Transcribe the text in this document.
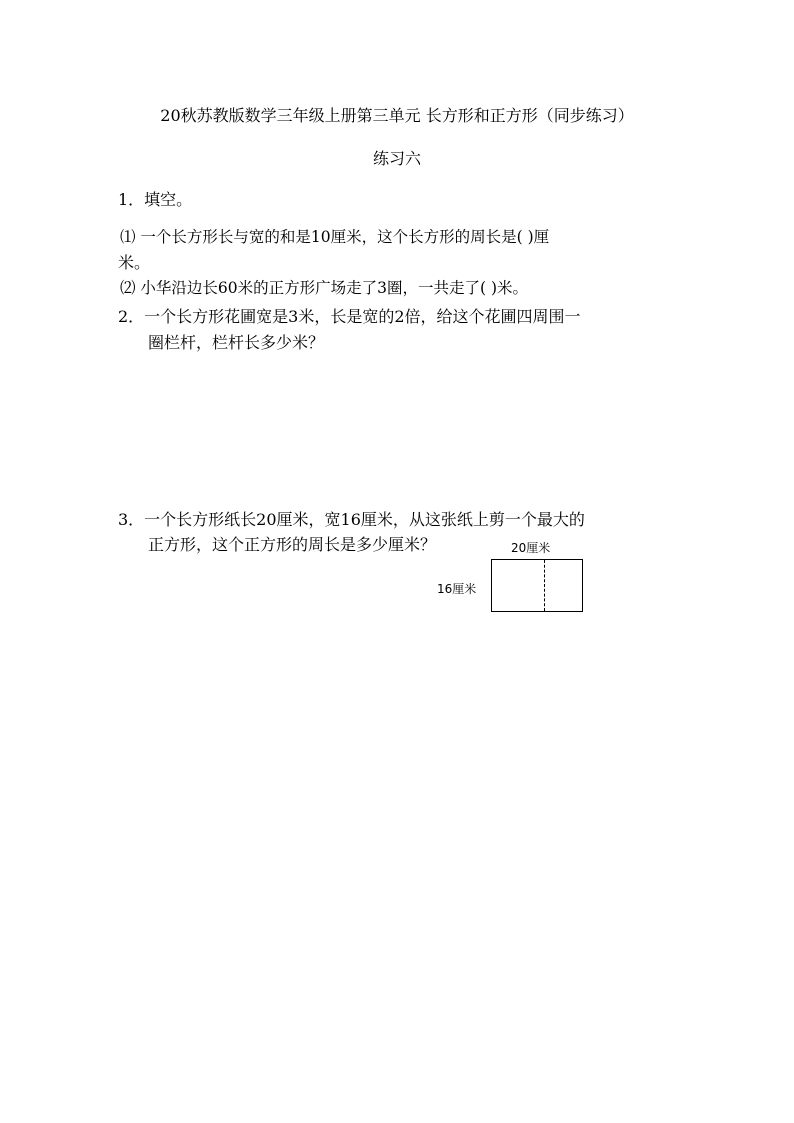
20秋苏教版数学三年级上册第三单元 长方形和正方形（同步练习）
练习六
1．填空。
⑴ 一个长方形长与宽的和是10厘米，这个长方形的周长是( )厘
米。
⑵ 小华沿边长60米的正方形广场走了3圈，一共走了( )米。
2．一个长方形花圃宽是3米，长是宽的2倍，给这个花圃四周围一
圈栏杆，栏杆长多少米？
3．一个长方形纸长20厘米，宽16厘米，从这张纸上剪一个最大的
正方形，这个正方形的周长是多少厘米？	20厘米
16厘米
